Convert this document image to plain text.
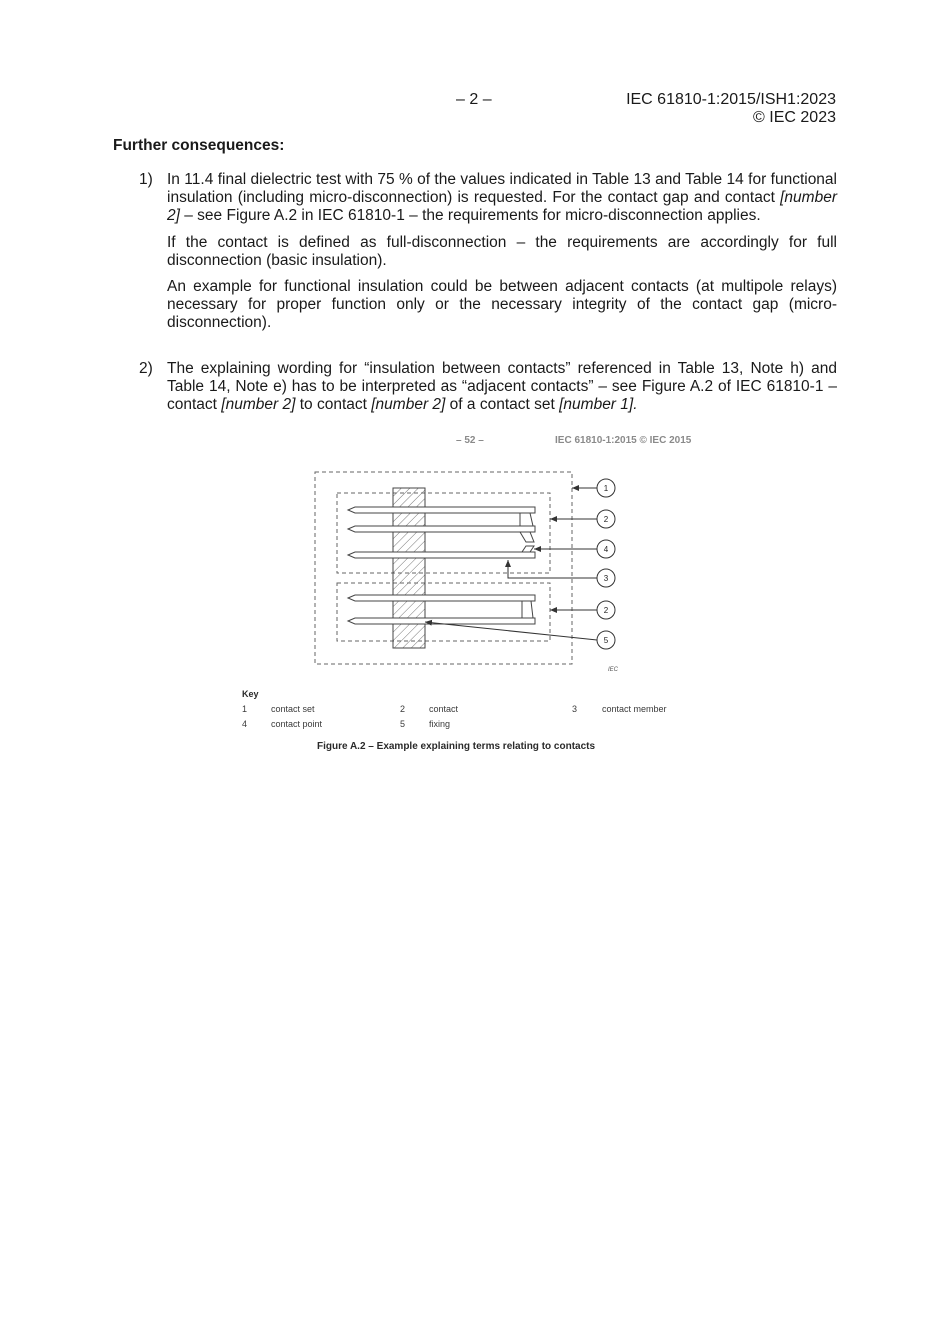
– 2 –	IEC 61810-1:2015/ISH1:2023
© IEC 2023
Further consequences:
1) In 11.4 final dielectric test with 75 % of the values indicated in Table 13 and Table 14 for functional insulation (including micro-disconnection) is requested. For the contact gap and contact [number 2] – see Figure A.2 in IEC 61810-1 – the requirements for micro-disconnection applies.

If the contact is defined as full-disconnection – the requirements are accordingly for full disconnection (basic insulation).

An example for functional insulation could be between adjacent contacts (at multipole relays) necessary for proper function only or the necessary integrity of the contact gap (micro-disconnection).

2) The explaining wording for “insulation between contacts” referenced in Table 13, Note h) and Table 14, Note e) has to be interpreted as “adjacent contacts” – see Figure A.2 of IEC 61810-1 – contact [number 2] to contact [number 2] of a contact set [number 1].

– 52 –	IEC 61810-1:2015 © IEC 2015
1
2
4
3
2
5
IEC
Key
1	contact set	2	contact	3	contact member
4	contact point	5	fixing
Figure A.2 – Example explaining terms relating to contacts
